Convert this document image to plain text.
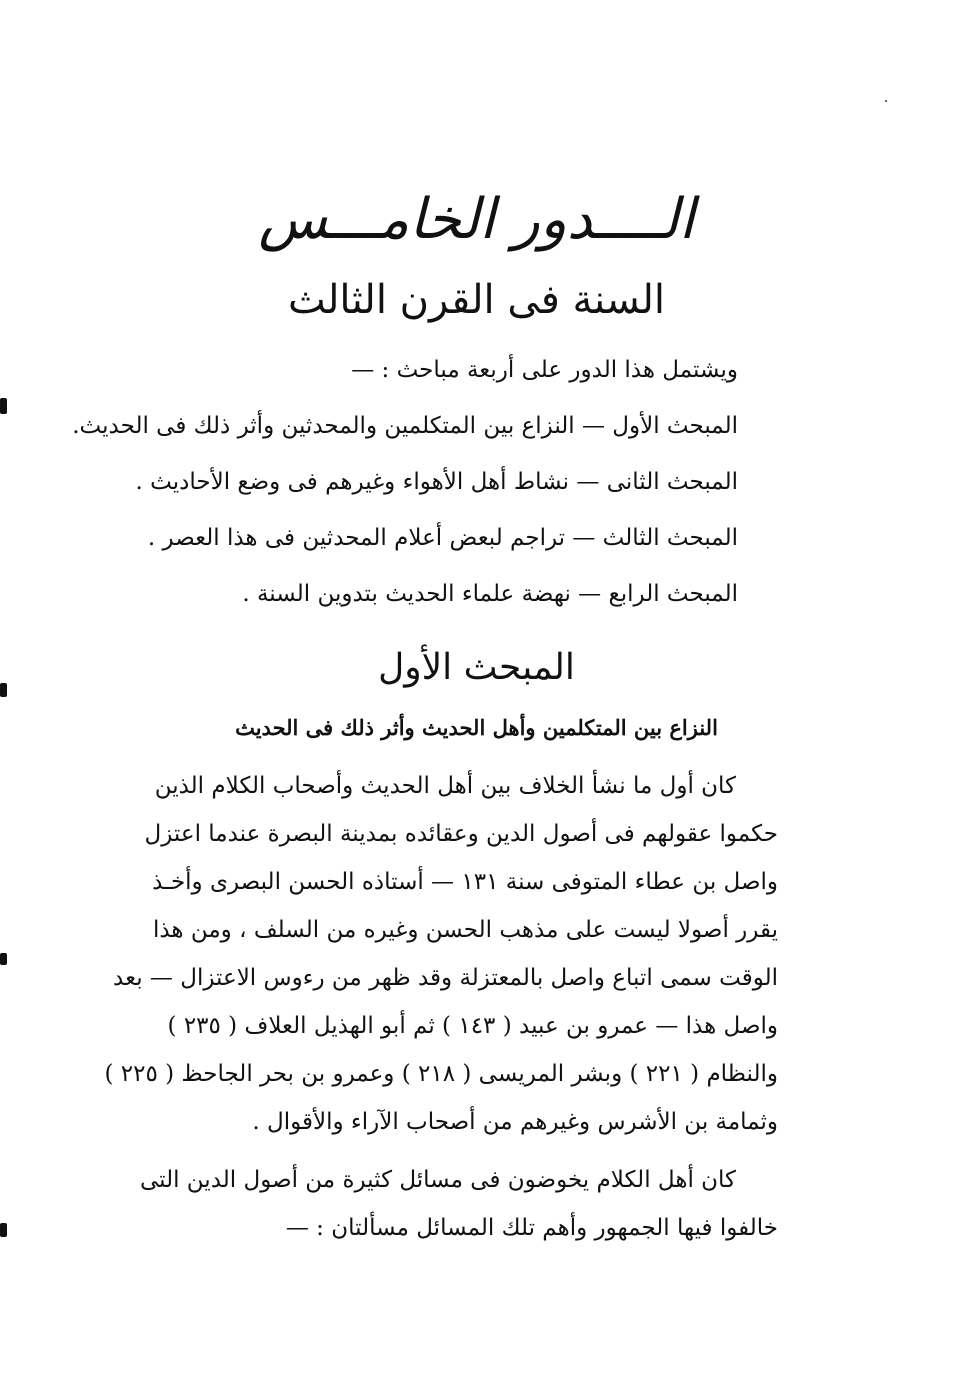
الــــدور الخامـــس
السنة فى القرن الثالث
ويشتمل هذا الدور على أربعة مباحث : —
المبحث الأول — النزاع بين المتكلمين والمحدثين وأثر ذلك فى الحديث.
المبحث الثانى — نشاط أهل الأهواء وغيرهم فى وضع الأحاديث .
المبحث الثالث — تراجم لبعض أعلام المحدثين فى هذا العصر .
المبحث الرابع — نهضة علماء الحديث بتدوين السنة .
المبحث الأول
النزاع بين المتكلمين وأهل الحديث وأثر ذلك فى الحديث

كان أول ما نشأ الخلاف بين أهل الحديث وأصحاب الكلام الذين

حكموا عقولهم فى أصول الدين وعقائده بمدينة البصرة عندما اعتزل

واصل بن عطاء المتوفى سنة ١٣١ — أستاذه الحسن البصرى وأخـذ

يقرر أصولا ليست على مذهب الحسن وغيره من السلف ، ومن هذا

الوقت سمى اتباع واصل بالمعتزلة وقد ظهر من رءوس الاعتزال — بعد

واصل هذا — عمرو بن عبيد ( ١٤٣ ) ثم أبو الهذيل العلاف ( ٢٣٥ )

والنظام ( ٢٢١ ) وبشر المريسى ( ٢١٨ ) وعمرو بن بحر الجاحظ ( ٢٢٥ )

وثمامة بن الأشرس وغيرهم من أصحاب الآراء والأقوال .

كان أهل الكلام يخوضون فى مسائل كثيرة من أصول الدين التى

خالفوا فيها الجمهور وأهم تلك المسائل مسألتان : —
